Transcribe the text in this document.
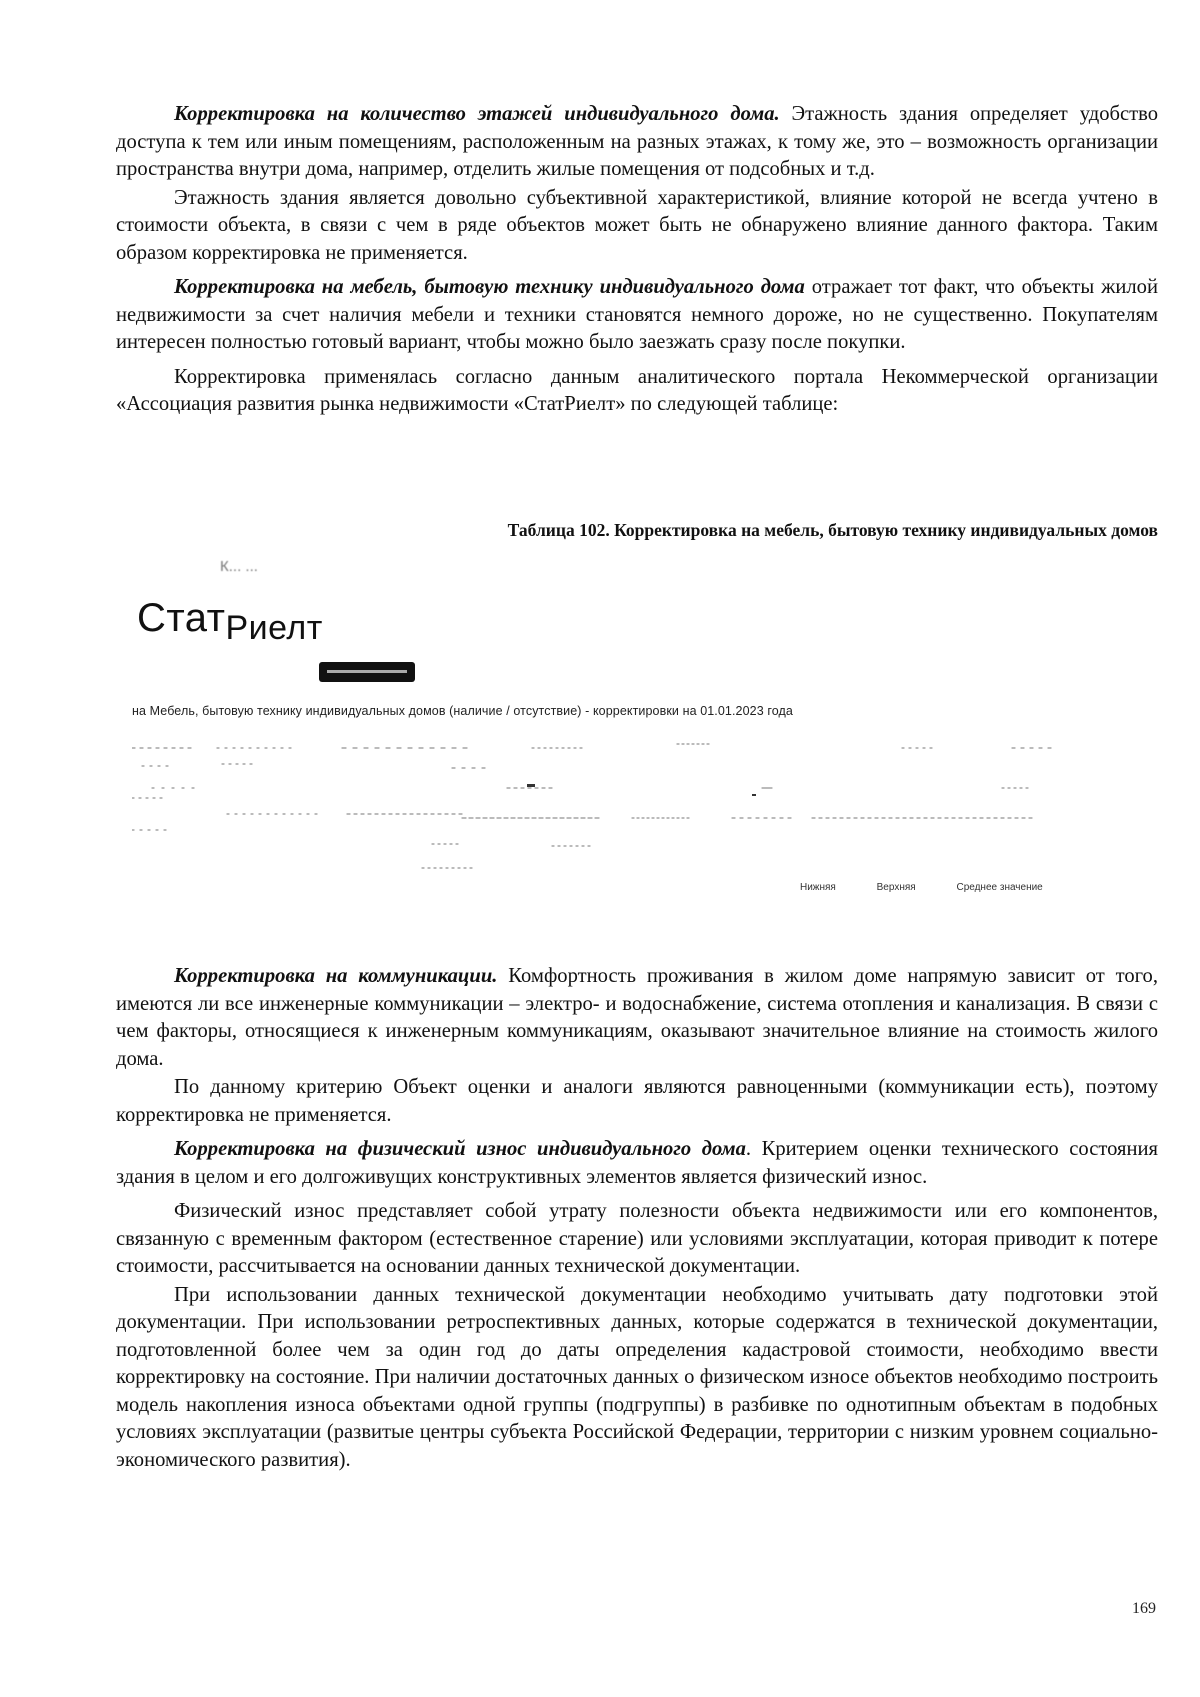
Корректировка на количество этажей индивидуального дома. Этажность здания определяет удобство доступа к тем или иным помещениям, расположенным на разных этажах, к тому же, это – возможность организации пространства внутри дома, например, отделить жилые помещения от подсобных и т.д.

Этажность здания является довольно субъективной характеристикой, влияние которой не всегда учтено в стоимости объекта, в связи с чем в ряде объектов может быть не обнаружено влияние данного фактора. Таким образом корректировка не применяется.

Корректировка на мебель, бытовую технику индивидуального дома отражает тот факт, что объекты жилой недвижимости за счет наличия мебели и техники становятся немного дороже, но не существенно. Покупателям интересен полностью готовый вариант, чтобы можно было заезжать сразу после покупки.

Корректировка применялась согласно данным аналитического портала Некоммерческой организации «Ассоциация развития рынка недвижимости «СтатРиелт» по следующей таблице:

Таблица 102. Корректировка на мебель, бытовую технику индивидуальных домов
К... ...
Стат$_{Риелт}$
на Мебель, бытовую технику индивидуальных домов (наличие / отсутствие) - корректировки на 01.01.2023 года
Нижняя	Верхняя	Среднее значение

Корректировка на коммуникации. Комфортность проживания в жилом доме напрямую зависит от того, имеются ли все инженерные коммуникации – электро- и водоснабжение, система отопления и канализация. В связи с чем факторы, относящиеся к инженерным коммуникациям, оказывают значительное влияние на стоимость жилого дома.

По данному критерию Объект оценки и аналоги являются равноценными (коммуникации есть), поэтому корректировка не применяется.

Корректировка на физический износ индивидуального дома. Критерием оценки технического состояния здания в целом и его долгоживущих конструктивных элементов является физический износ.

Физический износ представляет собой утрату полезности объекта недвижимости или его компонентов, связанную с временным фактором (естественное старение) или условиями эксплуатации, которая приводит к потере стоимости, рассчитывается на основании данных технической документации.

При использовании данных технической документации необходимо учитывать дату подготовки этой документации. При использовании ретроспективных данных, которые содержатся в технической документации, подготовленной более чем за один год до даты определения кадастровой стоимости, необходимо ввести корректировку на состояние. При наличии достаточных данных о физическом износе объектов необходимо построить модель накопления износа объектами одной группы (подгруппы) в разбивке по однотипным объектам в подобных условиях эксплуатации (развитые центры субъекта Российской Федерации, территории с низким уровнем социально-экономического развития).

169
